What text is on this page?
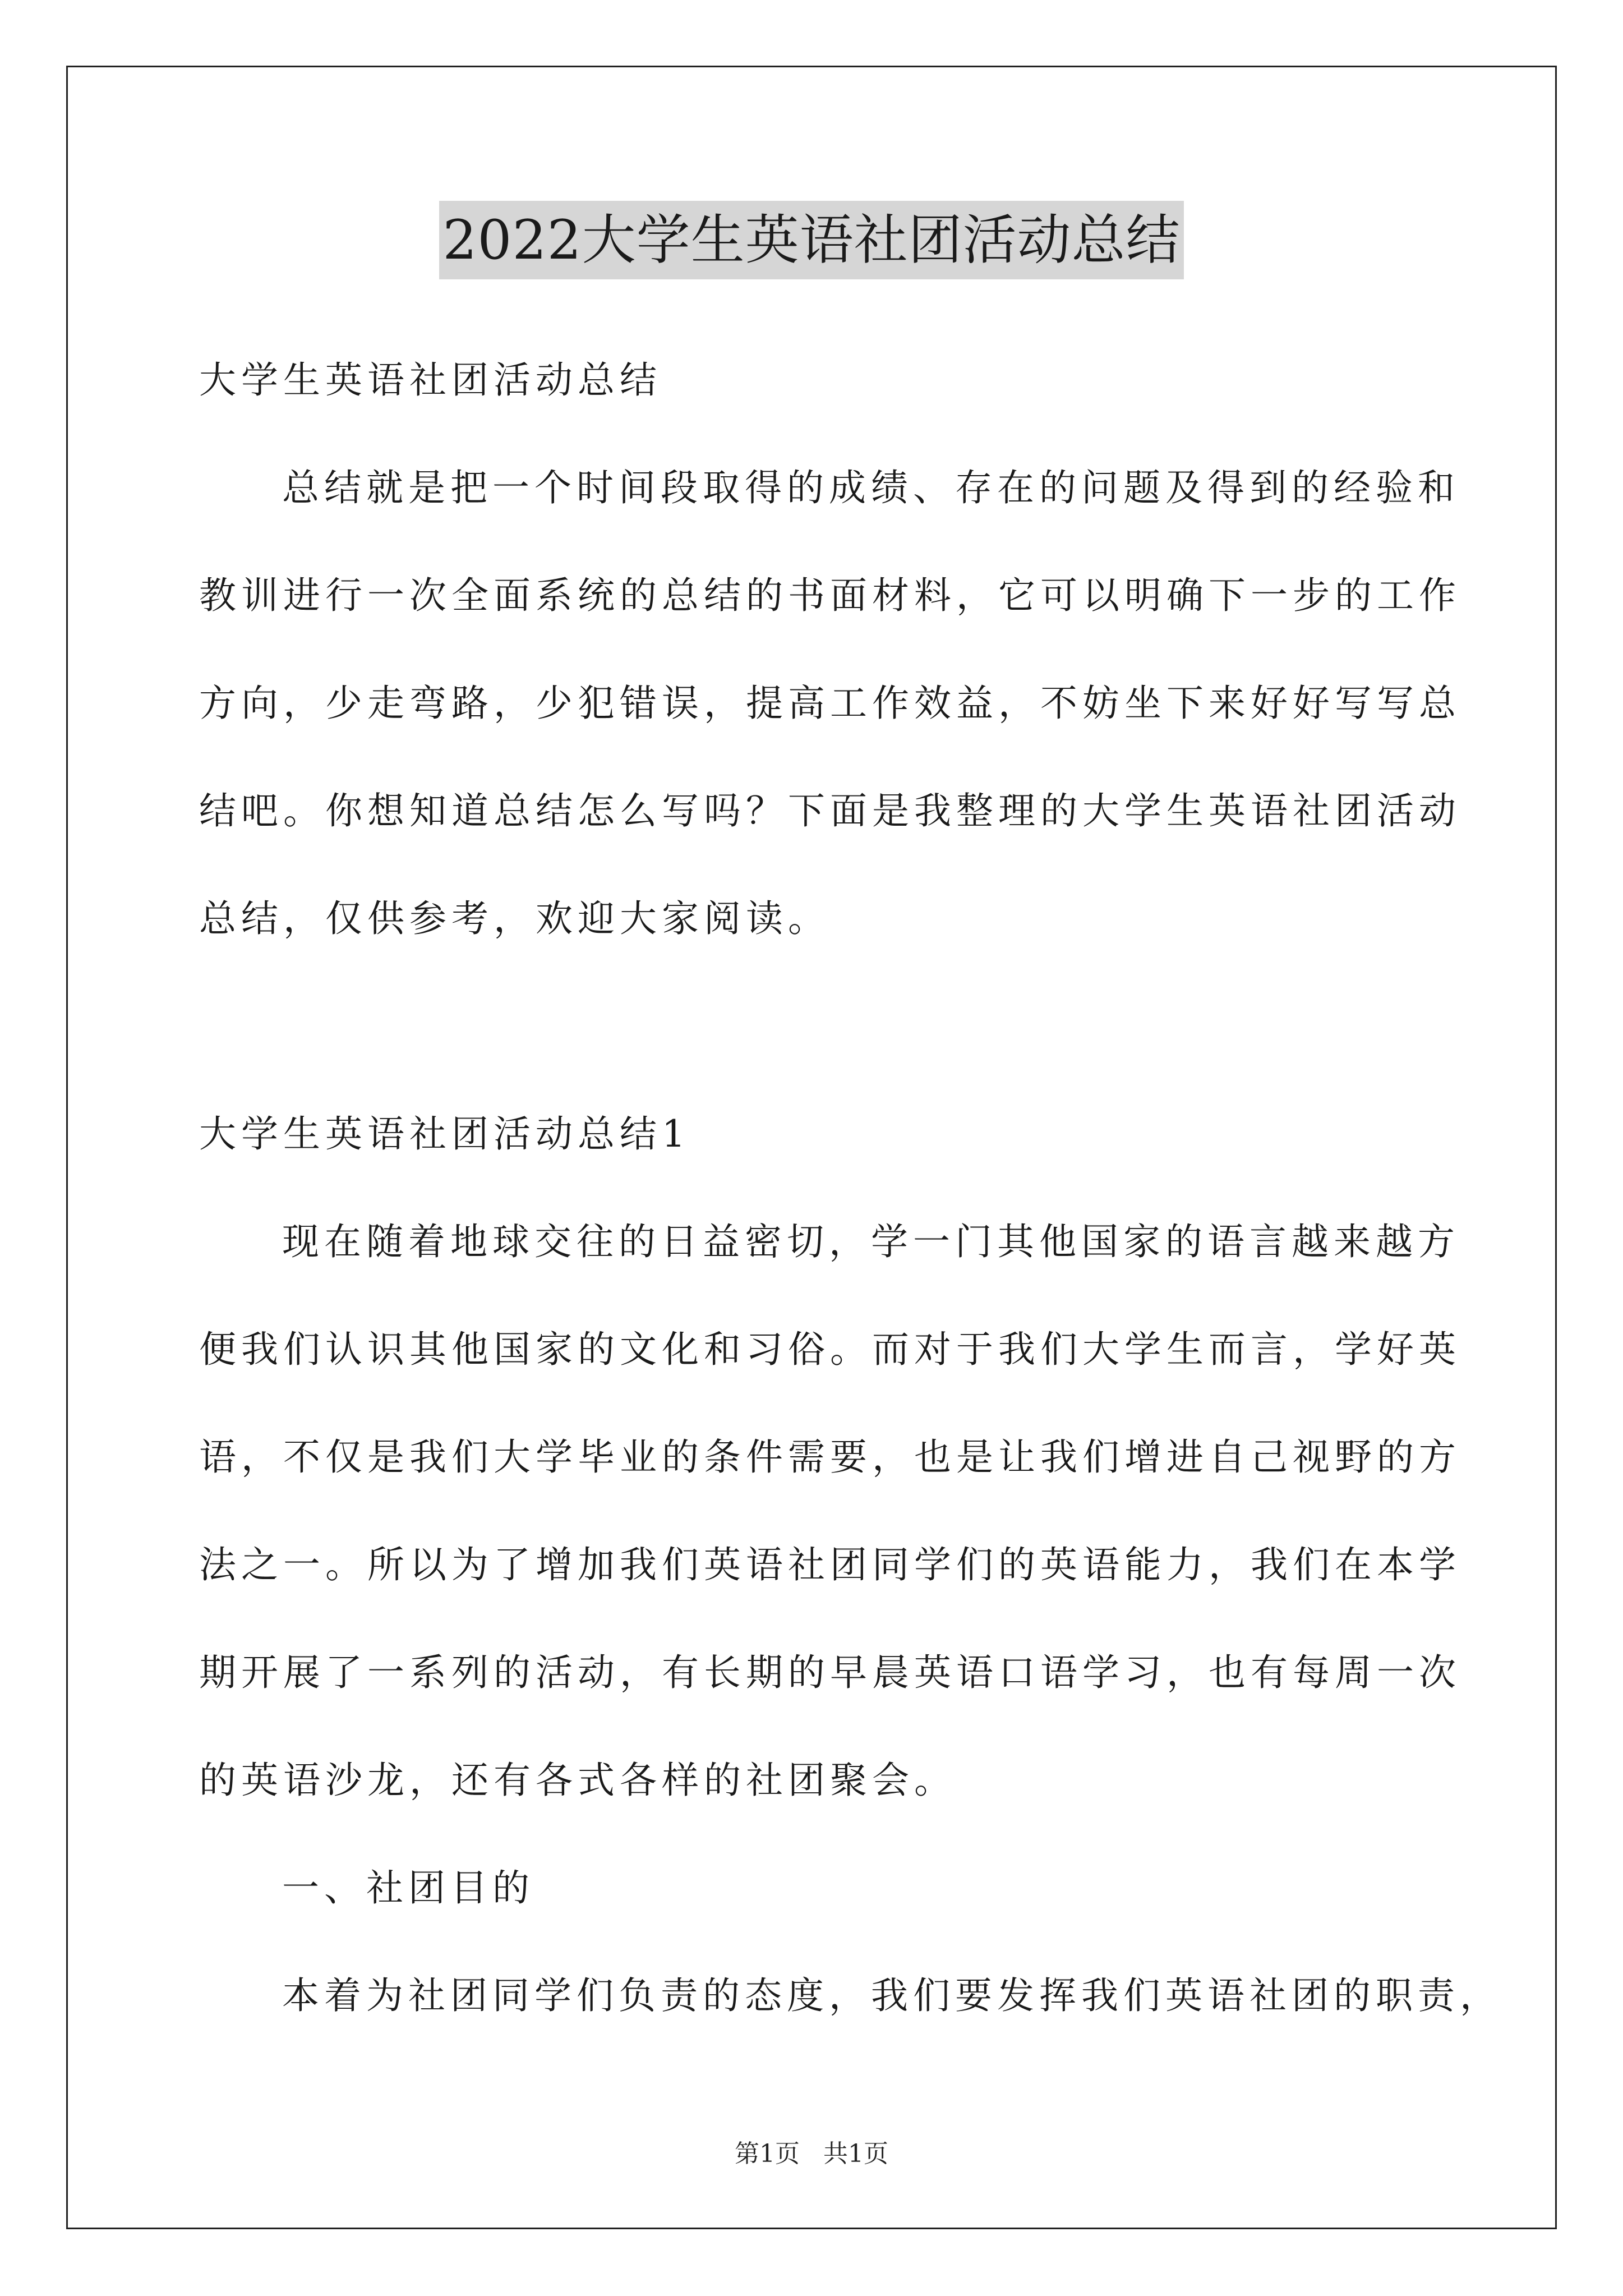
2022大学生英语社团活动总结
大学生英语社团活动总结
总结就是把一个时间段取得的成绩、存在的问题及得到的经验和
教训进行一次全面系统的总结的书面材料，它可以明确下一步的工作
方向，少走弯路，少犯错误，提高工作效益，不妨坐下来好好写写总
结吧。你想知道总结怎么写吗？下面是我整理的大学生英语社团活动
总结，仅供参考，欢迎大家阅读。
大学生英语社团活动总结1
现在随着地球交往的日益密切，学一门其他国家的语言越来越方
便我们认识其他国家的文化和习俗。而对于我们大学生而言，学好英
语，不仅是我们大学毕业的条件需要，也是让我们增进自己视野的方
法之一。所以为了增加我们英语社团同学们的英语能力，我们在本学
期开展了一系列的活动，有长期的早晨英语口语学习，也有每周一次
的英语沙龙，还有各式各样的社团聚会。
一、社团目的
本着为社团同学们负责的态度，我们要发挥我们英语社团的职责，
第1页   共1页
